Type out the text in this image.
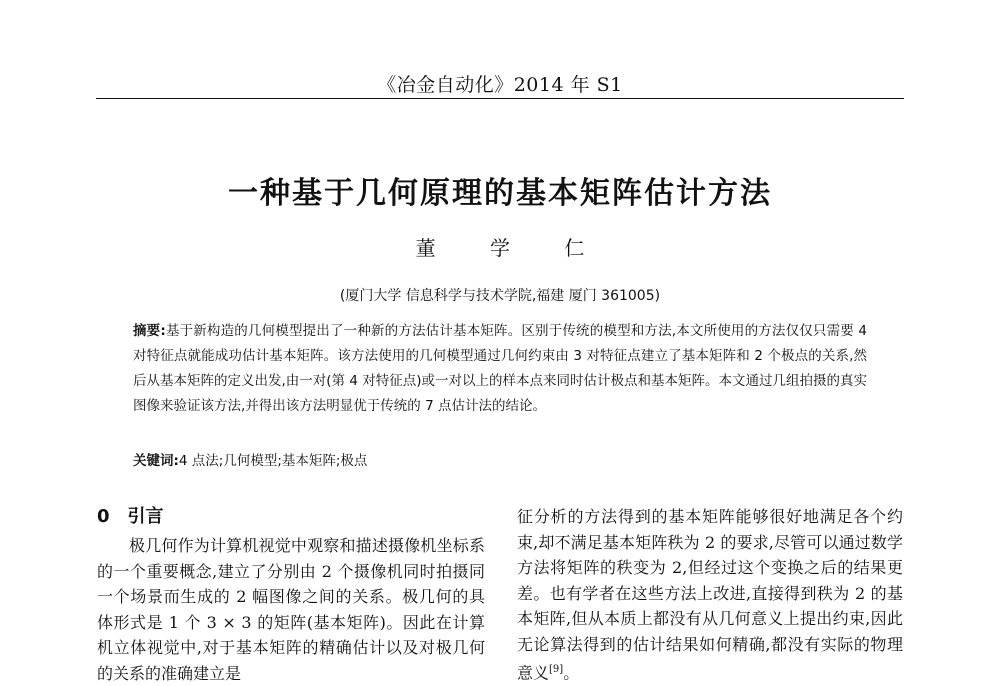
《冶金自动化》2014 年 S1
一种基于几何原理的基本矩阵估计方法
董 学 仁
(厦门大学 信息科学与技术学院,福建 厦门 361005)
摘要:基于新构造的几何模型提出了一种新的方法估计基本矩阵。区别于传统的模型和方法,本文所使用的方法仅仅只需要 4 对特征点就能成功估计基本矩阵。该方法使用的几何模型通过几何约束由 3 对特征点建立了基本矩阵和 2 个极点的关系,然后从基本矩阵的定义出发,由一对(第 4 对特征点)或一对以上的样本点来同时估计极点和基本矩阵。本文通过几组拍摄的真实图像来验证该方法,并得出该方法明显优于传统的 7 点估计法的结论。
关键词:4 点法;几何模型;基本矩阵;极点
0 引言

极几何作为计算机视觉中观察和描述摄像机坐标系的一个重要概念,建立了分别由 2 个摄像机同时拍摄同一个场景而生成的 2 幅图像之间的关系。极几何的具体形式是 1 个 3 × 3 的矩阵(基本矩阵)。因此在计算机立体视觉中,对于基本矩阵的精确估计以及对极几何的关系的准确建立是

征分析的方法得到的基本矩阵能够很好地满足各个约束,却不满足基本矩阵秩为 2 的要求,尽管可以通过数学方法将矩阵的秩变为 2,但经过这个变换之后的结果更差。也有学者在这些方法上改进,直接得到秩为 2 的基本矩阵,但从本质上都没有从几何意义上提出约束,因此无论算法得到的估计结果如何精确,都没有实际的物理意义[9]。
